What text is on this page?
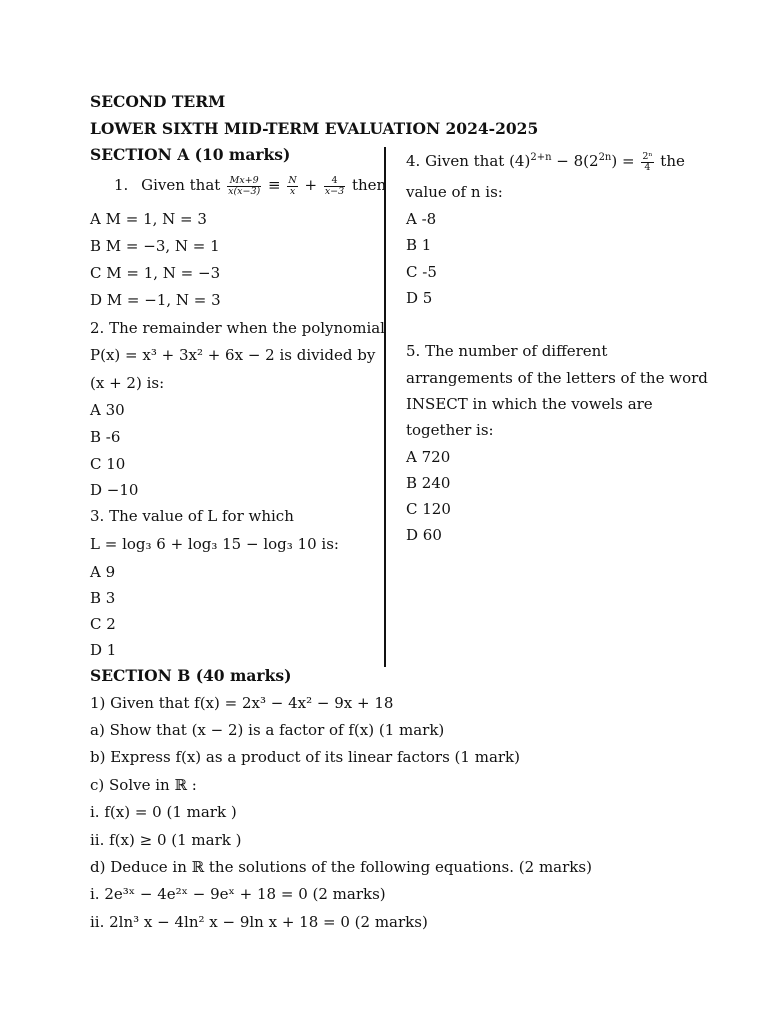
SECOND TERM
LOWER SIXTH MID-TERM EVALUATION 2024-2025
SECTION A (10 marks)
1. Given that $\frac{Mx+9}{x(x-3)} \equiv \frac{N}{x} + \frac{4}{x-3}$ then
A M = 1, N = 3
B M = −3, N = 1
C M = 1, N = −3
D M = −1, N = 3
2. The remainder when the polynomial
P(x) = x³ + 3x² + 6x − 2 is divided by
(x + 2) is:
A 30
B -6
C 10
D −10
3. The value of L for which
L = log₃ 6 + log₃ 15 − log₃ 10 is:
A 9
B 3
C 2
D 1
4. Given that $(4)^{2+n} - 8(2^{2n}) = \frac{\text{2ⁿ}}{4}$ the
value of n is:
A -8
B 1
C -5
D 5
5. The number of different
arrangements of the letters of the word
INSECT in which the vowels are
together is:
A 720
B 240
C 120
D 60
SECTION B (40 marks)
1) Given that f(x) = 2x³ − 4x² − 9x + 18
a) Show that (x − 2) is a factor of f(x) (1 mark)
b) Express f(x) as a product of its linear factors (1 mark)
c) Solve in ℝ :
i. f(x) = 0 (1 mark )
ii. f(x) ≥ 0 (1 mark )
d) Deduce in ℝ the solutions of the following equations. (2 marks)
i. 2e³ˣ − 4e²ˣ − 9eˣ + 18 = 0 (2 marks)
ii. 2ln³ x − 4ln² x − 9ln x + 18 = 0 (2 marks)
